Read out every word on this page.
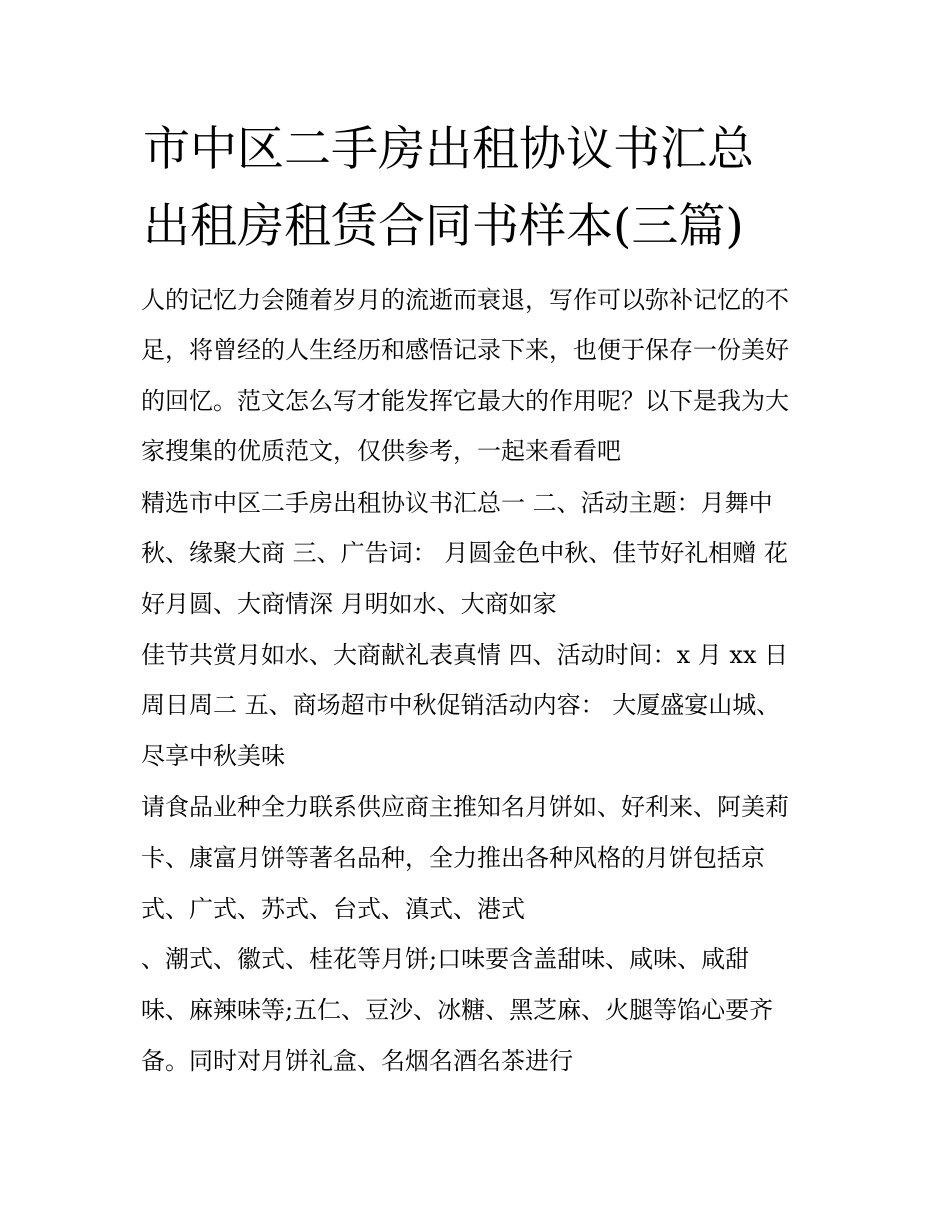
市中区二手房出租协议书汇总
出租房租赁合同书样本(三篇)
人的记忆力会随着岁月的流逝而衰退，写作可以弥补记忆的不
足，将曾经的人生经历和感悟记录下来，也便于保存一份美好
的回忆。范文怎么写才能发挥它最大的作用呢？以下是我为大
家搜集的优质范文，仅供参考，一起来看看吧
精选市中区二手房出租协议书汇总一 二、活动主题：月舞中
秋、缘聚大商 三、广告词： 月圆金色中秋、佳节好礼相赠 花
好月圆、大商情深 月明如水、大商如家
佳节共赏月如水、大商献礼表真情 四、活动时间：x 月 xx 日
周日周二 五、商场超市中秋促销活动内容： 大厦盛宴山城、
尽享中秋美味
请食品业种全力联系供应商主推知名月饼如、好利来、阿美莉
卡、康富月饼等著名品种，全力推出各种风格的月饼包括京
式、广式、苏式、台式、滇式、港式
、潮式、徽式、桂花等月饼;口味要含盖甜味、咸味、咸甜
味、麻辣味等;五仁、豆沙、冰糖、黑芝麻、火腿等馅心要齐
备。同时对月饼礼盒、名烟名酒名茶进行
